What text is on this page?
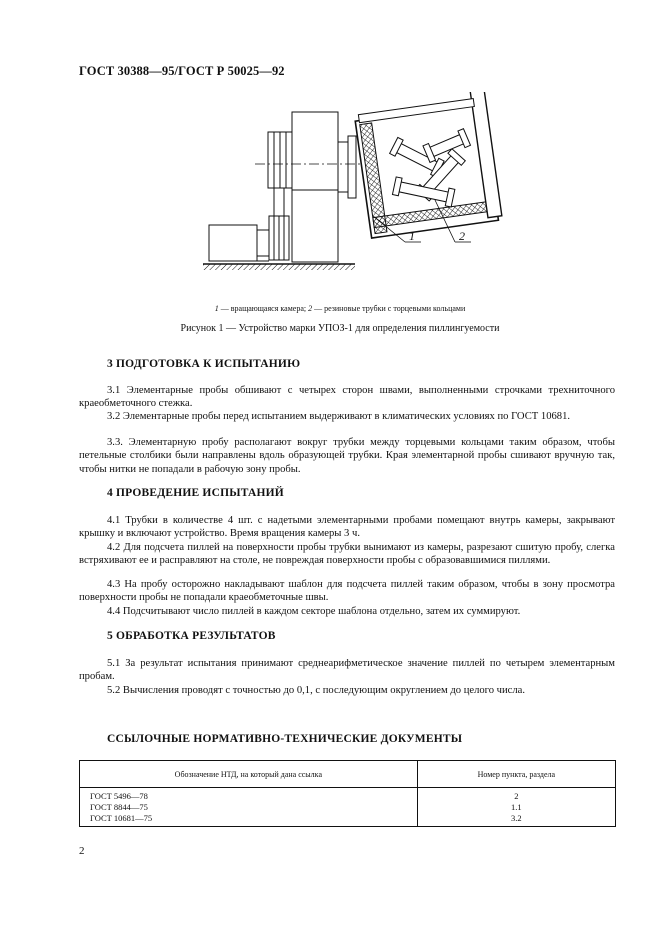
ГОСТ 30388—95/ГОСТ Р 50025—92
1	2
1 — вращающаяся камера; 2 — резиновые трубки с торцевыми кольцами
Рисунок 1 — Устройство марки УПОЗ-1 для определения пиллингуемости
3 ПОДГОТОВКА К ИСПЫТАНИЮ
3.1 Элементарные пробы обшивают с четырех сторон швами, выполненными строчками трехниточного краеобметочного стежка.
3.2 Элементарные пробы перед испытанием выдерживают в климатических условиях по ГОСТ 10681.
3.3. Элементарную пробу располагают вокруг трубки между торцевыми кольцами таким образом, чтобы петельные столбики были направлены вдоль образующей трубки. Края элементарной пробы сшивают вручную так, чтобы нитки не попадали в рабочую зону пробы.
4 ПРОВЕДЕНИЕ ИСПЫТАНИЙ
4.1 Трубки в количестве 4 шт. с надетыми элементарными пробами помещают внутрь камеры, закрывают крышку и включают устройство. Время вращения камеры 3 ч.
4.2 Для подсчета пиллей на поверхности пробы трубки вынимают из камеры, разрезают сшитую пробу, слегка встряхивают ее и расправляют на столе, не повреждая поверхности пробы с образовавшимися пиллями.
4.3 На пробу осторожно накладывают шаблон для подсчета пиллей таким образом, чтобы в зону просмотра поверхности пробы не попадали краеобметочные швы.
4.4 Подсчитывают число пиллей в каждом секторе шаблона отдельно, затем их суммируют.
5 ОБРАБОТКА РЕЗУЛЬТАТОВ
5.1 За результат испытания принимают среднеарифметическое значение пиллей по четырем элементарным пробам.
5.2 Вычисления проводят с точностью до 0,1, с последующим округлением до целого числа.
ССЫЛОЧНЫЕ НОРМАТИВНО-ТЕХНИЧЕСКИЕ ДОКУМЕНТЫ
Обозначение НТД, на который дана ссылка	Номер пункта, раздела
ГОСТ 5496—78	2
ГОСТ 8844—75	1.1
ГОСТ 10681—75	3.2
2
